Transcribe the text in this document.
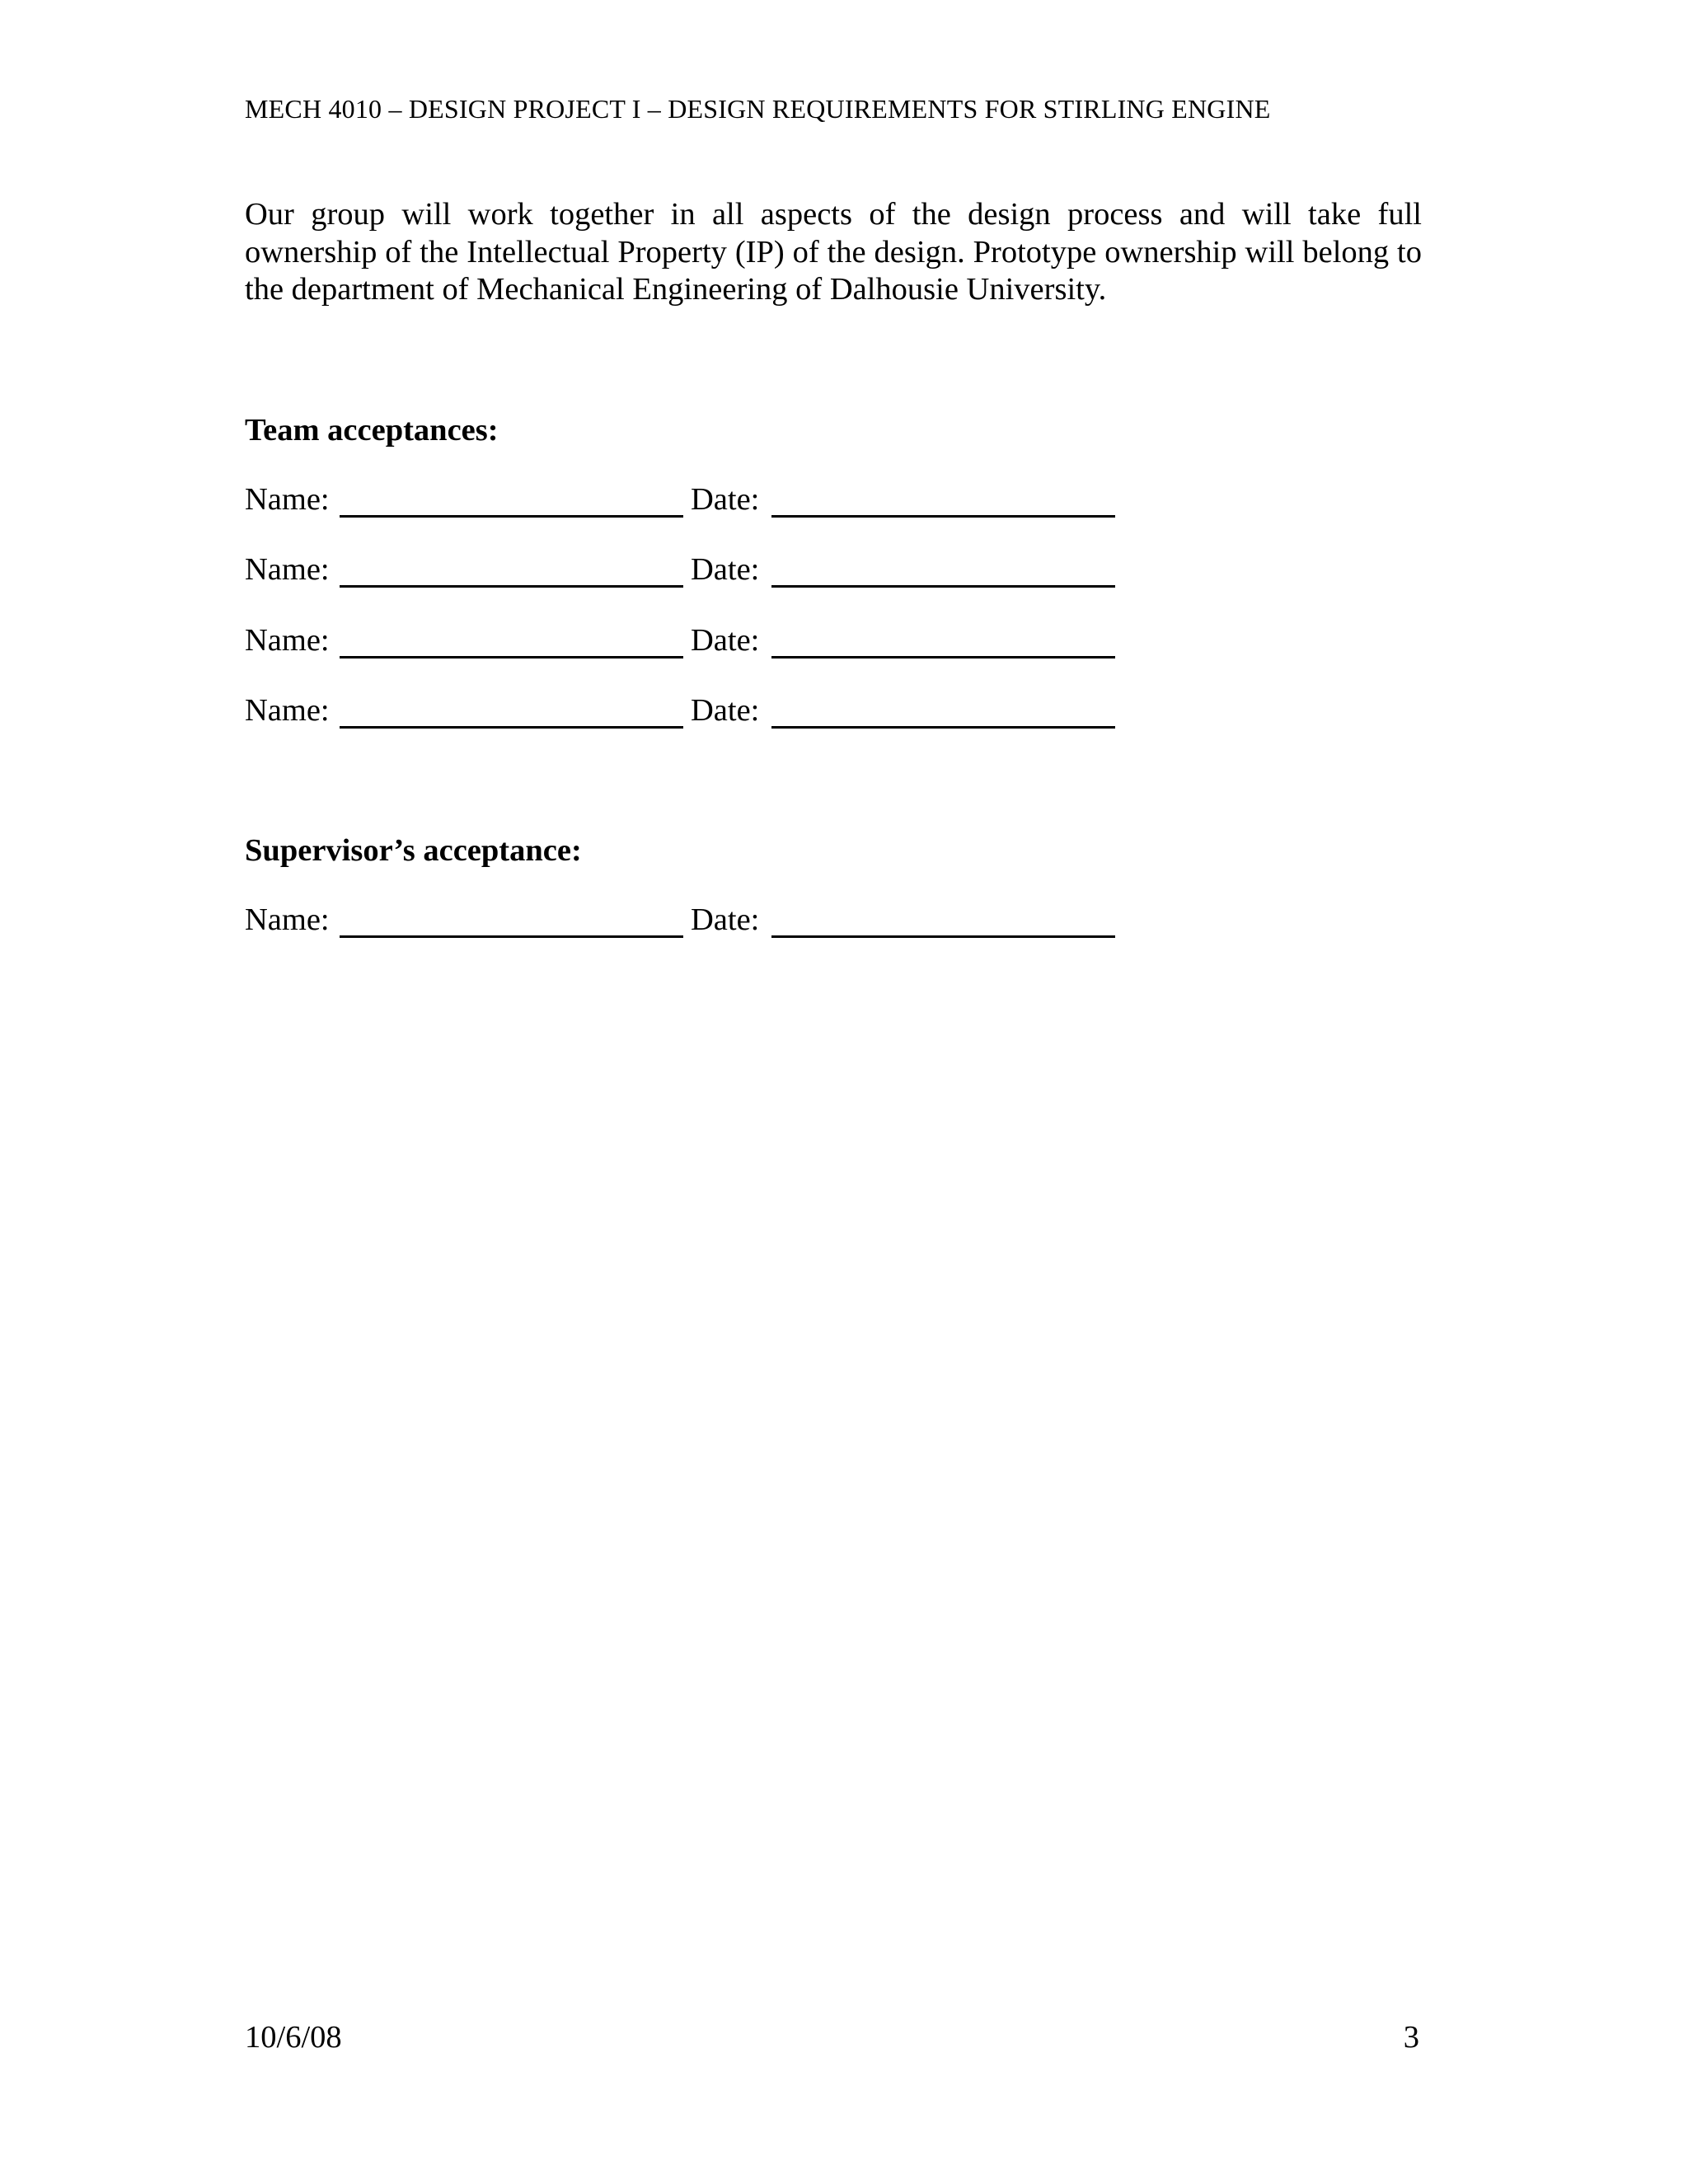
MECH 4010 – DESIGN PROJECT I – DESIGN REQUIREMENTS FOR STIRLING ENGINE
Our group will work together in all aspects of the design process and will take full ownership of the Intellectual Property (IP) of the design. Prototype ownership will belong to the department of Mechanical Engineering of Dalhousie University.
Team acceptances:
Name:	Date:
Name:	Date:
Name:	Date:
Name:	Date:
Supervisor’s acceptance:
Name:	Date:
10/6/08	3
